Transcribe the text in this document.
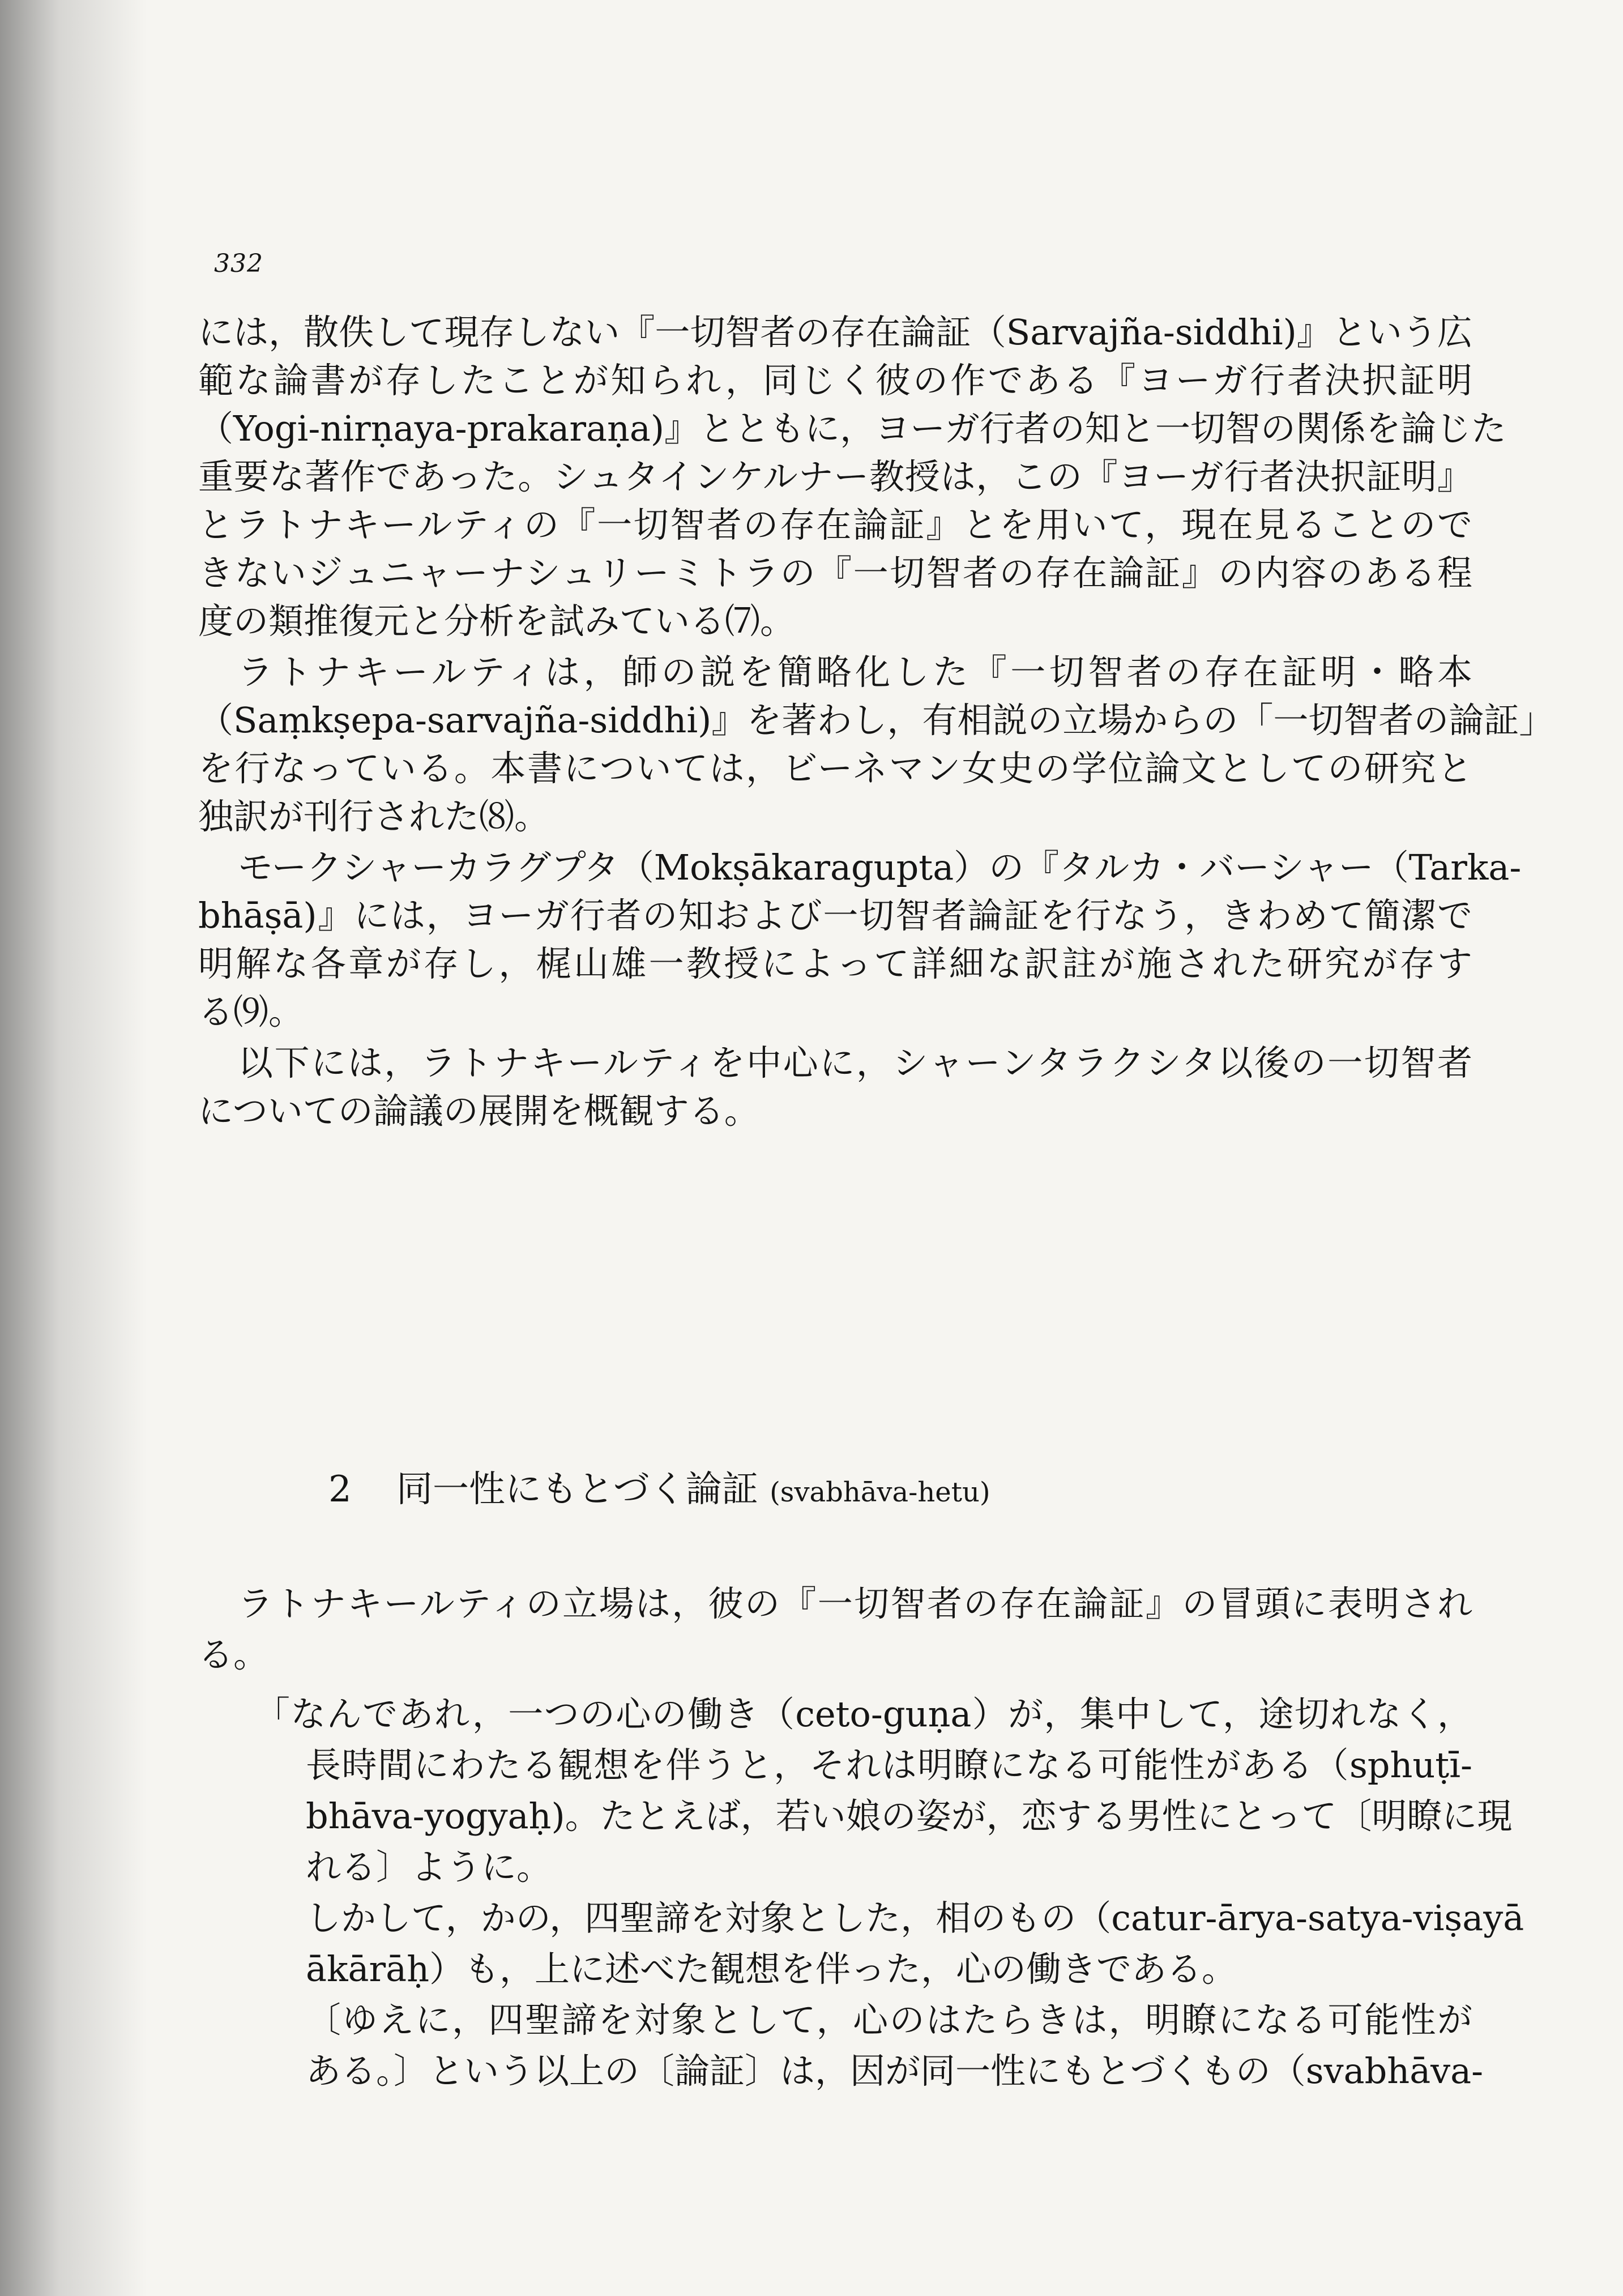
332
には，散佚して現存しない『一切智者の存在論証（Sarvajña-siddhi)』という広
範な論書が存したことが知られ，同じく彼の作である『ヨーガ行者決択証明
（Yogi-nirṇaya-prakaraṇa)』とともに，ヨーガ行者の知と一切智の関係を論じた
重要な著作であった。シュタインケルナー教授は，この『ヨーガ行者決択証明』
とラトナキールティの『一切智者の存在論証』とを用いて，現在見ることので
きないジュニャーナシュリーミトラの『一切智者の存在論証』の内容のある程
度の類推復元と分析を試みている⑺。
ラトナキールティは，師の説を簡略化した『一切智者の存在証明・略本
（Saṃkṣepa-sarvajña-siddhi)』を著わし，有相説の立場からの「一切智者の論証」
を行なっている。本書については，ビーネマン女史の学位論文としての研究と
独訳が刊行された⑻。
モークシャーカラグプタ（Mokṣākaragupta）の『タルカ・バーシャー（Tarka-
bhāṣā)』には，ヨーガ行者の知および一切智者論証を行なう，きわめて簡潔で
明解な各章が存し，梶山雄一教授によって詳細な訳註が施された研究が存す
る⑼。
以下には，ラトナキールティを中心に，シャーンタラクシタ以後の一切智者
についての論議の展開を概観する。
2 同一性にもとづく論証 (svabhāva-hetu)
ラトナキールティの立場は，彼の『一切智者の存在論証』の冒頭に表明され
る。
「なんであれ，一つの心の働き（ceto-guṇa）が，集中して，途切れなく，
長時間にわたる観想を伴うと，それは明瞭になる可能性がある（sphuṭī-
bhāva-yogyaḥ)。たとえば，若い娘の姿が，恋する男性にとって〔明瞭に現
れる〕ように。
しかして，かの，四聖諦を対象とした，相のもの（catur-ārya-satya-viṣayā
ākārāḥ）も，上に述べた観想を伴った，心の働きである。
〔ゆえに，四聖諦を対象として，心のはたらきは，明瞭になる可能性が
ある。〕という以上の〔論証〕は，因が同一性にもとづくもの（svabhāva-
